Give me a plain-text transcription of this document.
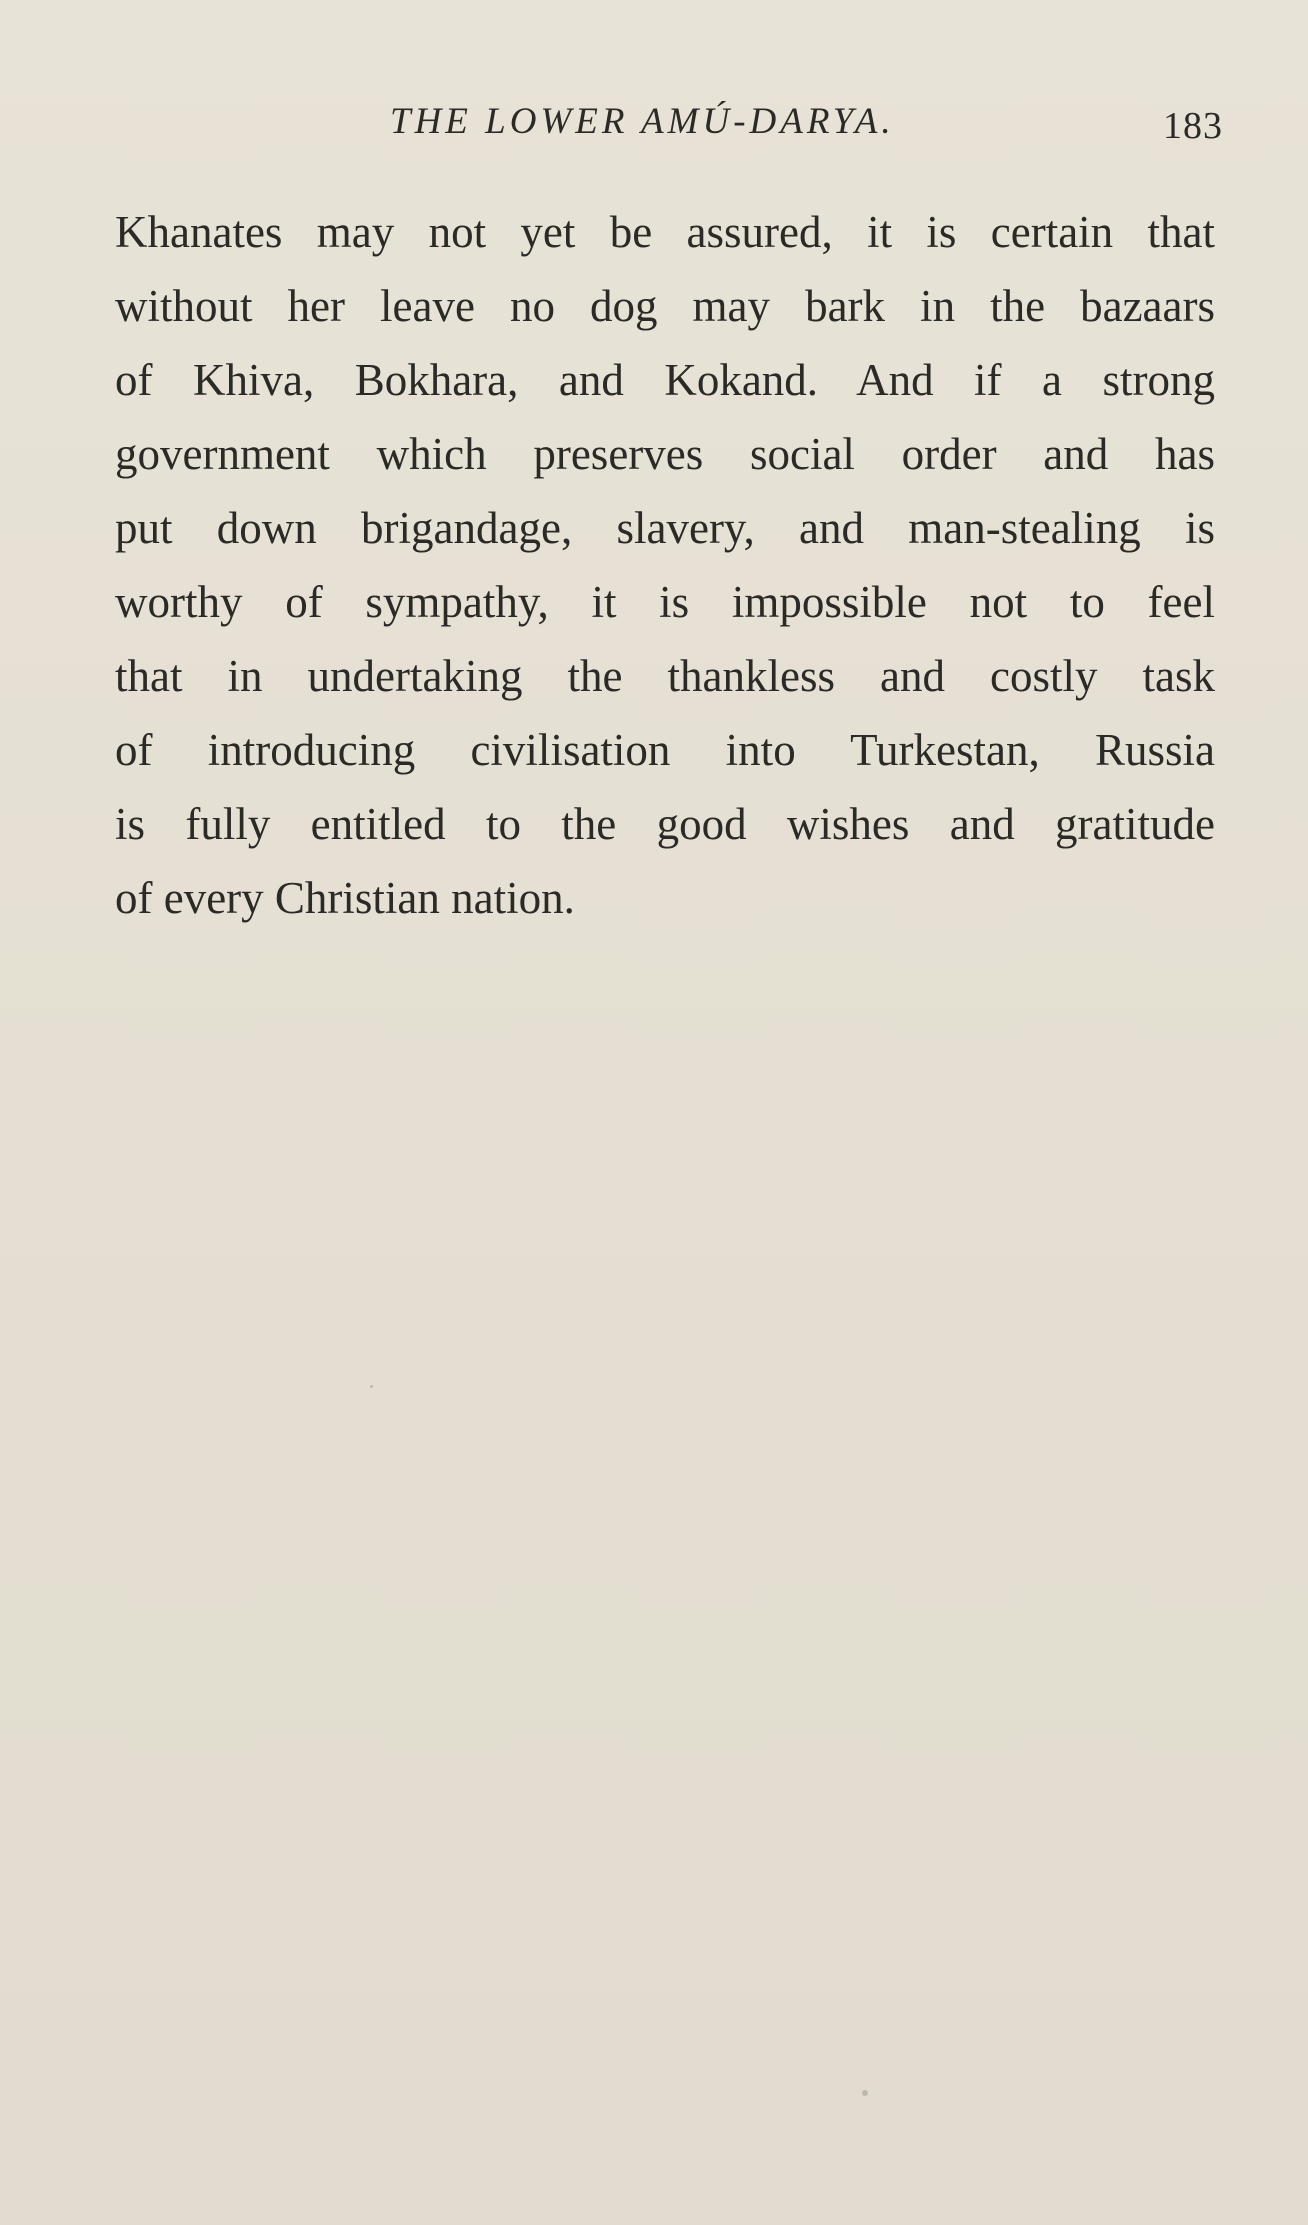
THE LOWER AMÚ-DARYA.	183
Khanates may not yet be assured, it is certain that
without her leave no dog may bark in the bazaars
of Khiva, Bokhara, and Kokand. And if a strong
government which preserves social order and has
put down brigandage, slavery, and man-stealing is
worthy of sympathy, it is impossible not to feel
that in undertaking the thankless and costly task
of introducing civilisation into Turkestan, Russia
is fully entitled to the good wishes and gratitude
of every Christian nation.
